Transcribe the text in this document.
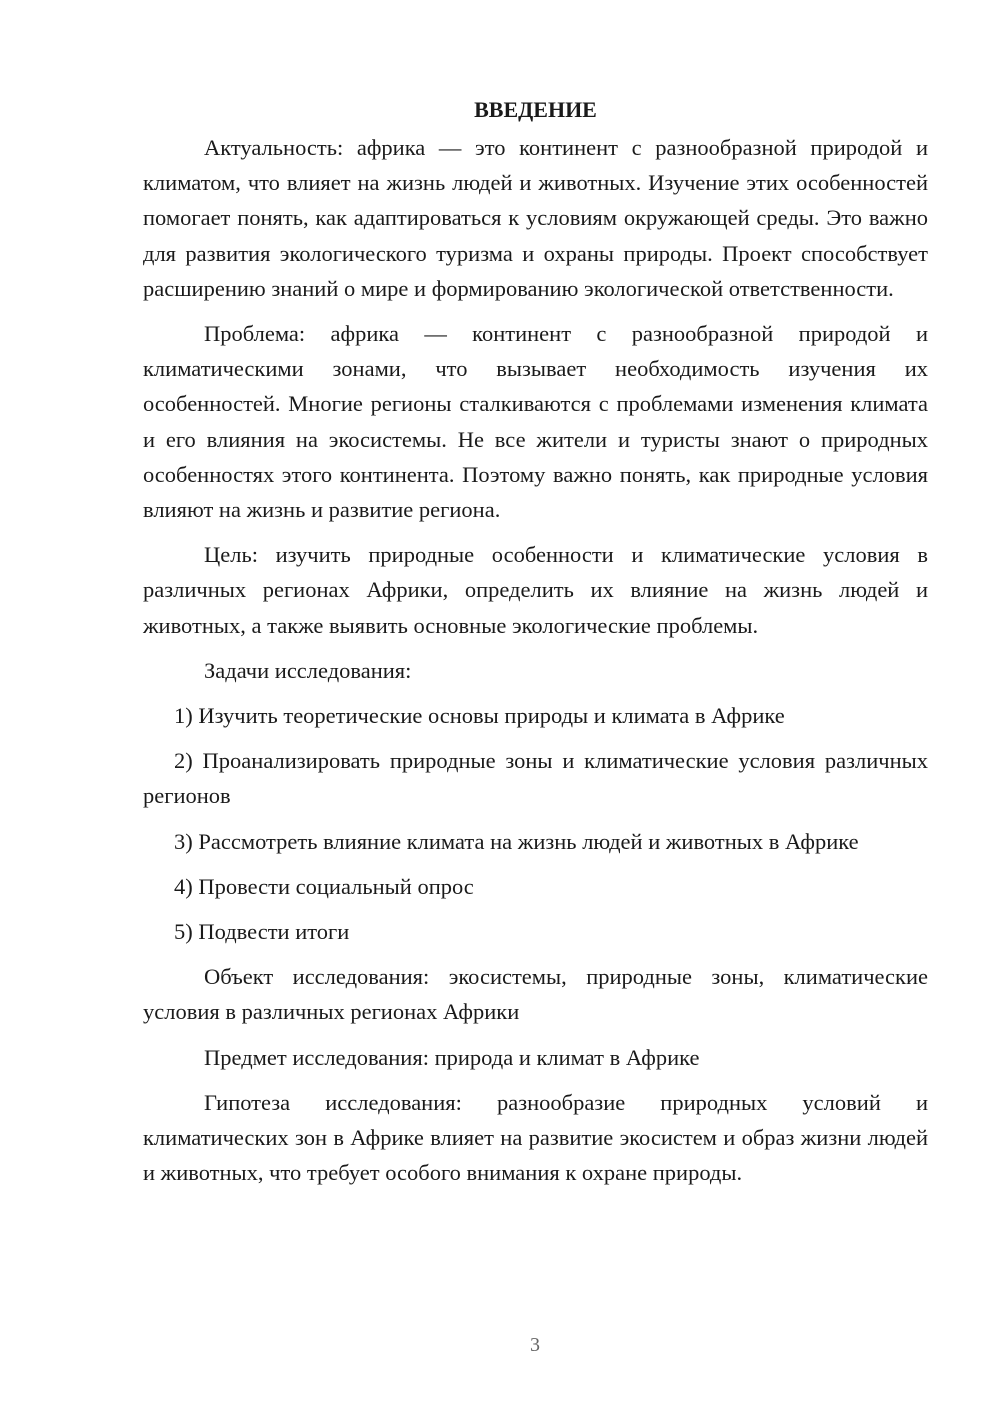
ВВЕДЕНИЕ

Актуальность: африка — это континент с разнообразной природой и климатом, что влияет на жизнь людей и животных. Изучение этих особенностей помогает понять, как адаптироваться к условиям окружающей среды. Это важно для развития экологического туризма и охраны природы. Проект способствует расширению знаний о мире и формированию экологической ответственности.

Проблема: африка — континент с разнообразной природой и климатическими зонами, что вызывает необходимость изучения их особенностей. Многие регионы сталкиваются с проблемами изменения климата и его влияния на экосистемы. Не все жители и туристы знают о природных особенностях этого континента. Поэтому важно понять, как природные условия влияют на жизнь и развитие региона.

Цель: изучить природные особенности и климатические условия в различных регионах Африки, определить их влияние на жизнь людей и животных, а также выявить основные экологические проблемы.

Задачи исследования:

1) Изучить теоретические основы природы и климата в Африке

2) Проанализировать природные зоны и климатические условия различных регионов

3) Рассмотреть влияние климата на жизнь людей и животных в Африке

4) Провести социальный опрос

5) Подвести итоги

Объект исследования: экосистемы, природные зоны, климатические условия в различных регионах Африки

Предмет исследования: природа и климат в Африке

Гипотеза исследования: разнообразие природных условий и климатических зон в Африке влияет на развитие экосистем и образ жизни людей и животных, что требует особого внимания к охране природы.

3
